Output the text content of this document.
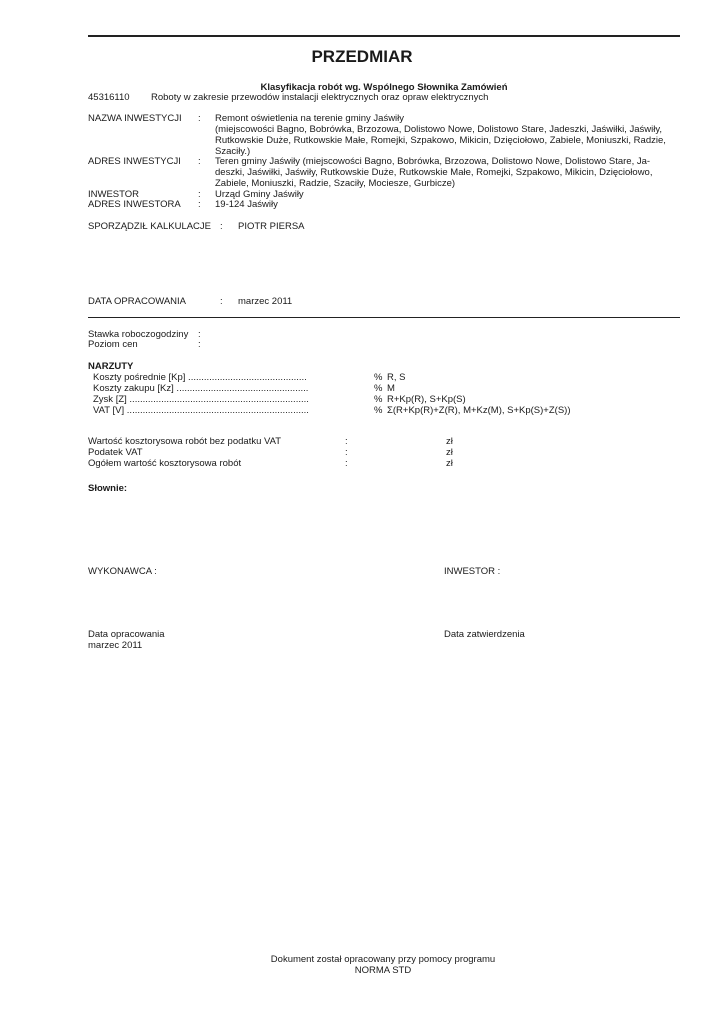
PRZEDMIAR
Klasyfikacja robót wg. Wspólnego Słownika Zamówień
45316110 Roboty w zakresie przewodów instalacji elektrycznych oraz opraw elektrycznych
NAZWA INWESTYCJI : Remont oświetlenia na terenie gminy Jaświły
(miejscowości Bagno, Bobrówka, Brzozowa, Dolistowo Nowe, Dolistowo Stare, Jadeszki, Jaświłki, Jaświły,
Rutkowskie Duże, Rutkowskie Małe, Romejki, Szpakowo, Mikicin, Dzięciołowo, Zabiele, Moniuszki, Radzie,
Szaciły.)
ADRES INWESTYCJI : Teren gminy Jaświły (miejscowości Bagno, Bobrówka, Brzozowa, Dolistowo Nowe, Dolistowo Stare, Ja-
deszki, Jaświłki, Jaświły, Rutkowskie Duże, Rutkowskie Małe, Romejki, Szpakowo, Mikicin, Dzięciołowo,
Zabiele, Moniuszki, Radzie, Szaciły, Mociesze, Gurbicze)
INWESTOR	: Urząd Gminy Jaświły
ADRES INWESTORA : 19-124 Jaświły
SPORZĄDZIŁ KALKULACJE : PIOTR PIERSA
DATA OPRACOWANIA	: marzec 2011
Stawka roboczogodziny :
Poziom cen	:
NARZUTY
Koszty pośrednie [Kp] .............................................	% R, S
Koszty zakupu [Kz] ..................................................	% M
Zysk [Z] ....................................................................	% R+Kp(R), S+Kp(S)
VAT [V] .....................................................................	% Σ(R+Kp(R)+Z(R), M+Kz(M), S+Kp(S)+Z(S))
Wartość kosztorysowa robót bez podatku VAT	:	zł
Podatek VAT	:	zł
Ogółem wartość kosztorysowa robót	:	zł
Słownie:
WYKONAWCA :	INWESTOR :
Data opracowania
marzec 2011
Data zatwierdzenia
Dokument został opracowany przy pomocy programu
NORMA STD
